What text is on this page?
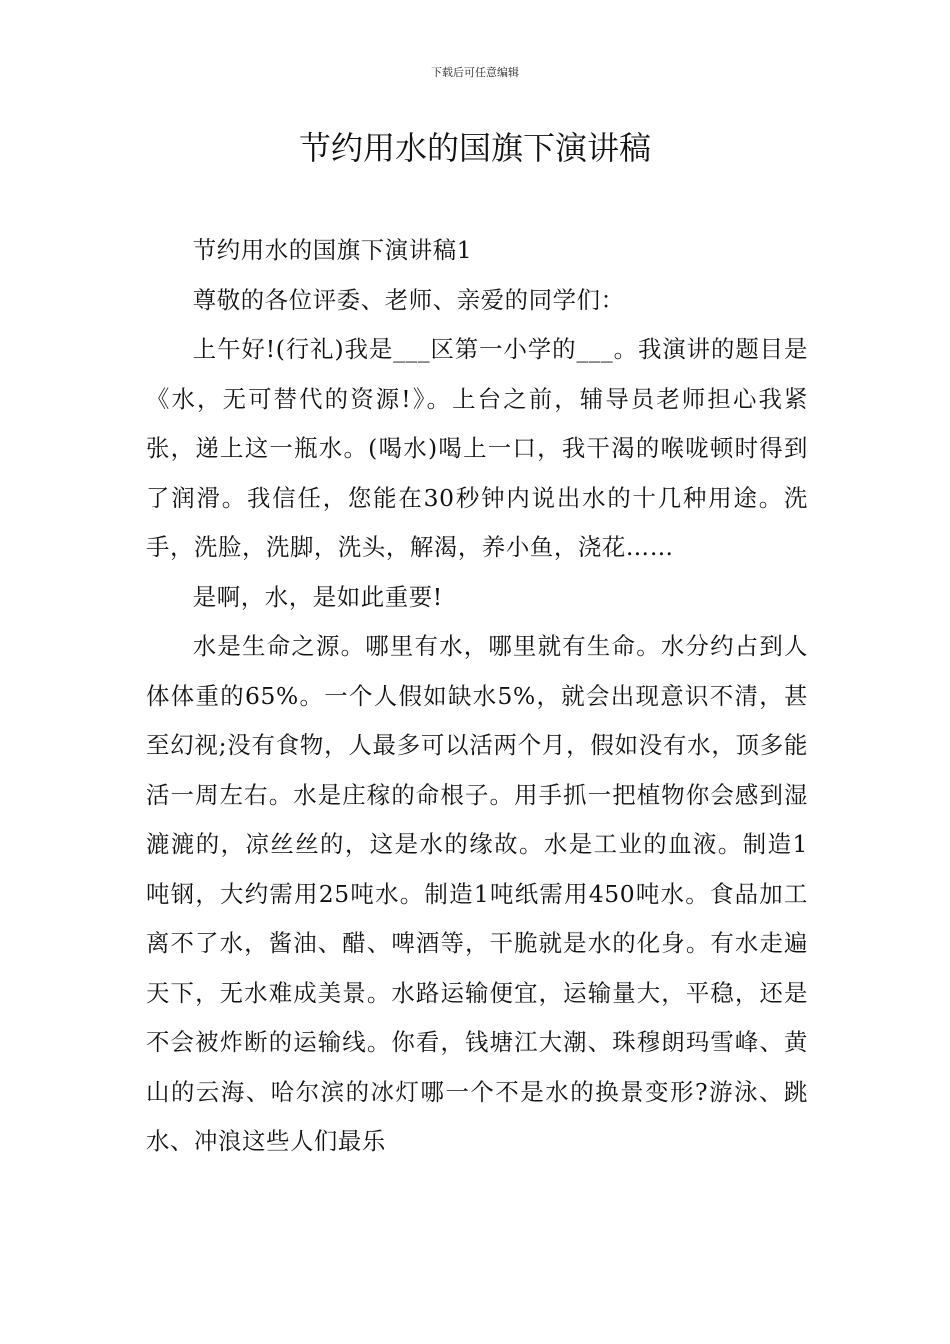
下载后可任意编辑
节约用水的国旗下演讲稿

节约用水的国旗下演讲稿1

尊敬的各位评委、老师、亲爱的同学们：

上午好!(行礼)我是___区第一小学的___。我演讲的题目是《水，无可替代的资源!》。上台之前，辅导员老师担心我紧张，递上这一瓶水。(喝水)喝上一口，我干渴的喉咙顿时得到了润滑。我信任，您能在30秒钟内说出水的十几种用途。洗手，洗脸，洗脚，洗头，解渴，养小鱼，浇花……

是啊，水，是如此重要!

水是生命之源。哪里有水，哪里就有生命。水分约占到人体体重的65%。一个人假如缺水5%，就会出现意识不清，甚至幻视;没有食物，人最多可以活两个月，假如没有水，顶多能活一周左右。水是庄稼的命根子。用手抓一把植物你会感到湿漉漉的，凉丝丝的，这是水的缘故。水是工业的血液。制造1吨钢，大约需用25吨水。制造1吨纸需用450吨水。食品加工离不了水，酱油、醋、啤酒等，干脆就是水的化身。有水走遍天下，无水难成美景。水路运输便宜，运输量大，平稳，还是不会被炸断的运输线。你看，钱塘江大潮、珠穆朗玛雪峰、黄山的云海、哈尔滨的冰灯哪一个不是水的换景变形?游泳、跳水、冲浪这些人们最乐
